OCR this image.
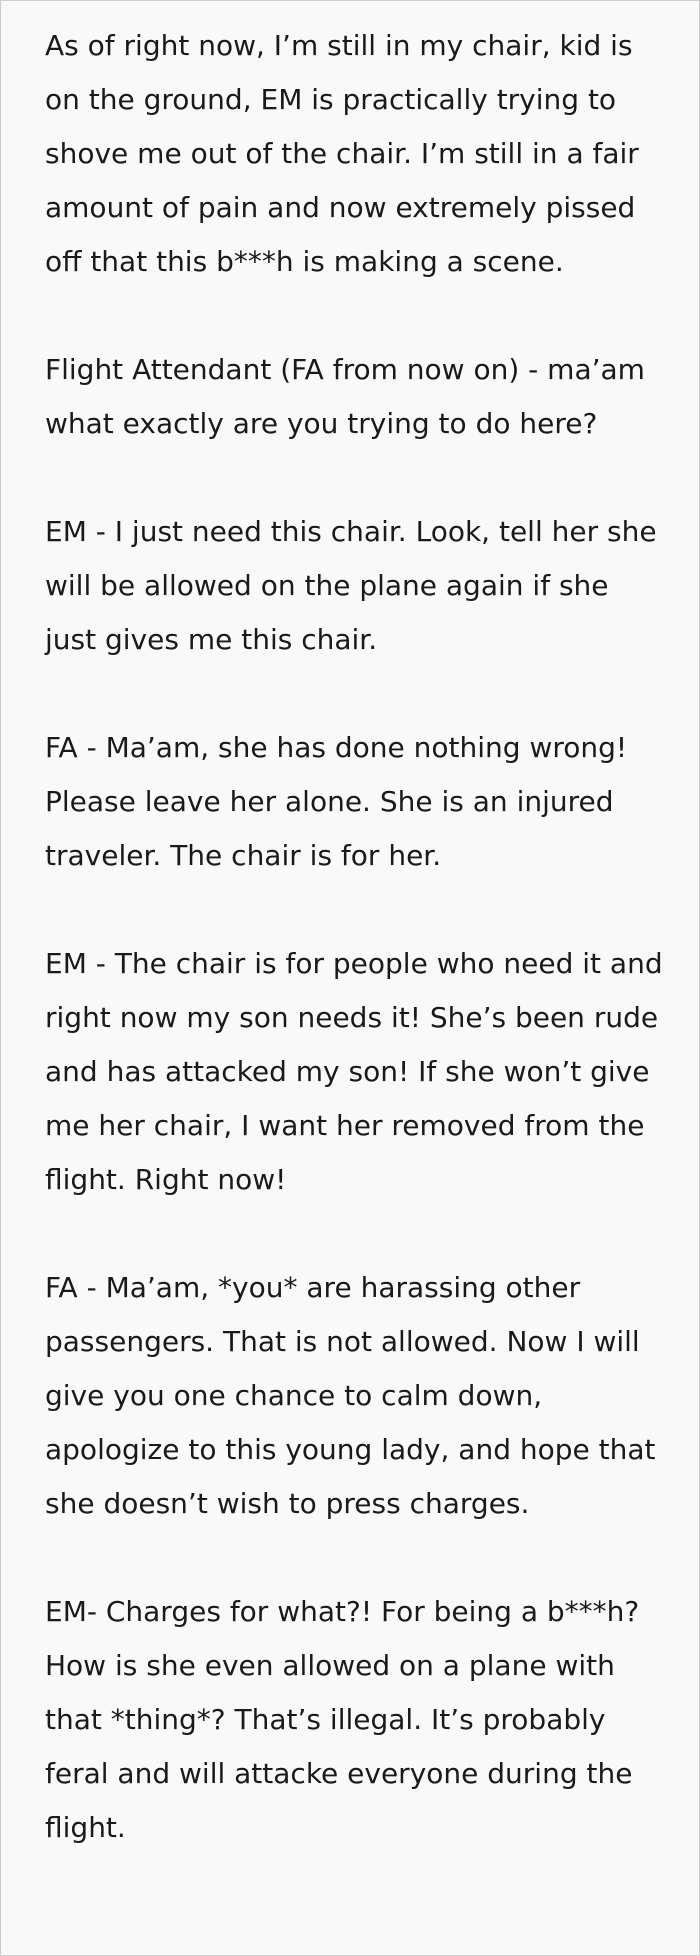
As of right now, I’m still in my chair, kid is on the ground, EM is practically trying to shove me out of the chair. I’m still in a fair amount of pain and now extremely pissed off that this b***h is making a scene.

Flight Attendant (FA from now on) - ma’am what exactly are you trying to do here?

EM - I just need this chair. Look, tell her she will be allowed on the plane again if she just gives me this chair.

FA - Ma’am, she has done nothing wrong! Please leave her alone. She is an injured traveler. The chair is for her.

EM - The chair is for people who need it and right now my son needs it! She’s been rude and has attacked my son! If she won’t give me her chair, I want her removed from the flight. Right now!

FA - Ma’am, *you* are harassing other passengers. That is not allowed. Now I will give you one chance to calm down, apologize to this young lady, and hope that she doesn’t wish to press charges.

EM- Charges for what?! For being a b***h? How is she even allowed on a plane with that *thing*? That’s illegal. It’s probably feral and will attacke everyone during the flight.
